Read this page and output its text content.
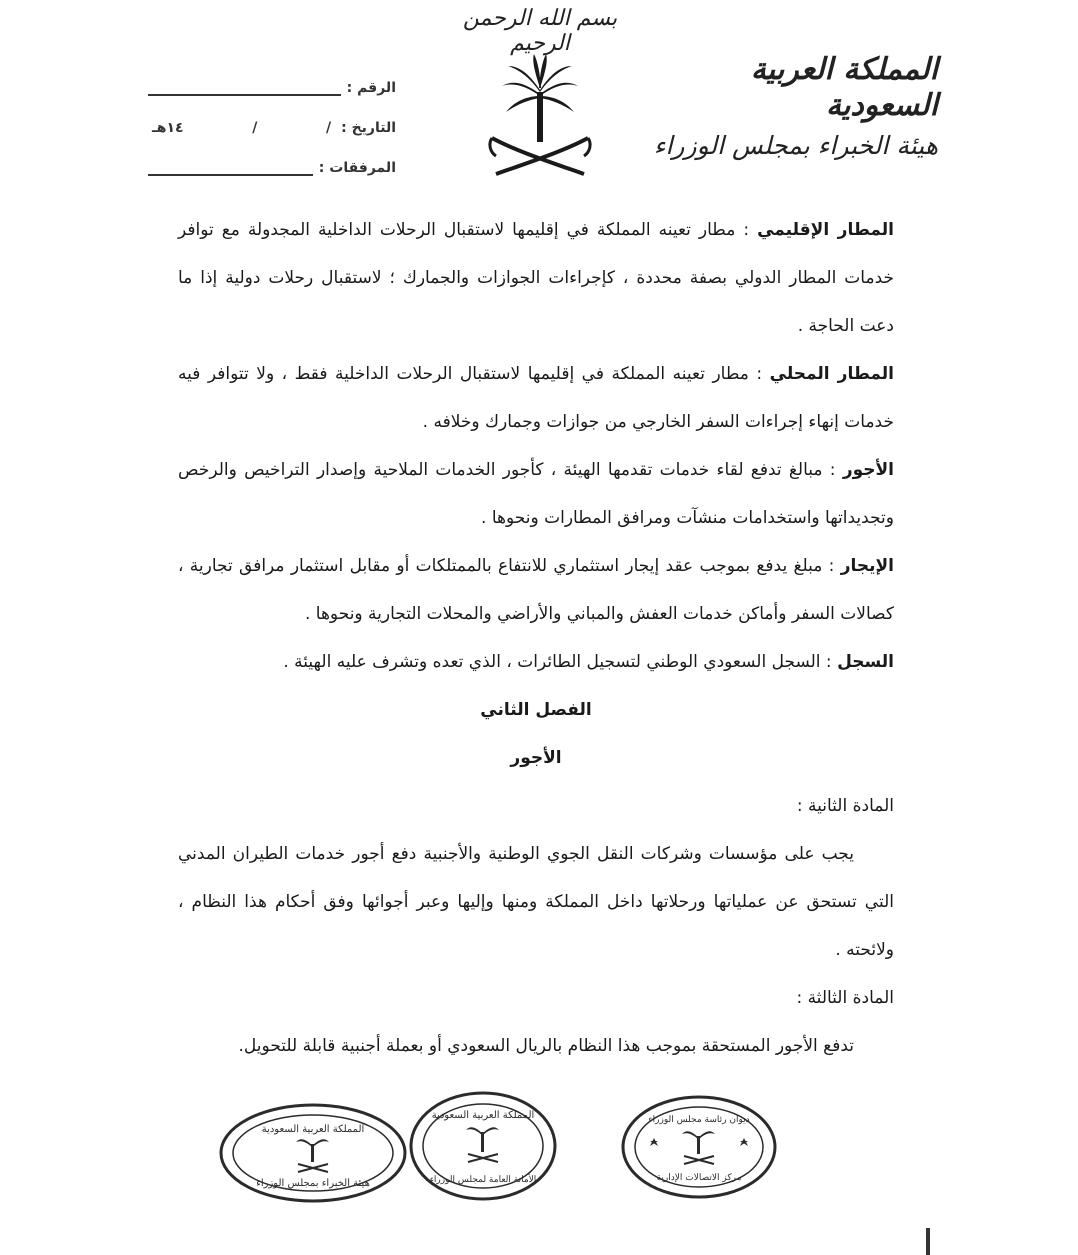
بسم الله الرحمن الرحيم
المملكة العربية السعودية
هيئة الخبراء بمجلس الوزراء
الرقم :
التاريخ :
/
/
١٤هـ
المرفقات :

المطار الإقليمي : مطار تعينه المملكة في إقليمها لاستقبال الرحلات الداخلية المجدولة مع توافر خدمات المطار الدولي بصفة محددة ، كإجراءات الجوازات والجمارك ؛ لاستقبال رحلات دولية إذا ما دعت الحاجة .

المطار المحلي : مطار تعينه المملكة في إقليمها لاستقبال الرحلات الداخلية فقط ، ولا تتوافر فيه خدمات إنهاء إجراءات السفر الخارجي من جوازات وجمارك وخلافه .

الأجور : مبالغ تدفع لقاء خدمات تقدمها الهيئة ، كأجور الخدمات الملاحية وإصدار التراخيص والرخص وتجديداتها واستخدامات منشآت ومرافق المطارات ونحوها .

الإيجار : مبلغ يدفع بموجب عقد إيجار استثماري للانتفاع بالممتلكات أو مقابل استثمار مرافق تجارية ، كصالات السفر وأماكن خدمات العفش والمباني والأراضي والمحلات التجارية ونحوها .

السجل : السجل السعودي الوطني لتسجيل الطائرات ، الذي تعده وتشرف عليه الهيئة .

الفصل الثاني

الأجور

المادة الثانية :

يجب على مؤسسات وشركات النقل الجوي الوطنية والأجنبية دفع أجور خدمات الطيران المدني التي تستحق عن عملياتها ورحلاتها داخل المملكة ومنها وإليها وعبر أجوائها وفق أحكام هذا النظام ، ولائحته .

المادة الثالثة :

تدفع الأجور المستحقة بموجب هذا النظام بالريال السعودي أو بعملة أجنبية قابلة للتحويل.

المملكة العربية السعودية
هيئة الخبراء بمجلس الوزراء
المملكة العربية السعودية
الأمانة العامة لمجلس الوزراء
ديوان رئاسة مجلس الوزراء
مركز الاتصالات الإدارية
